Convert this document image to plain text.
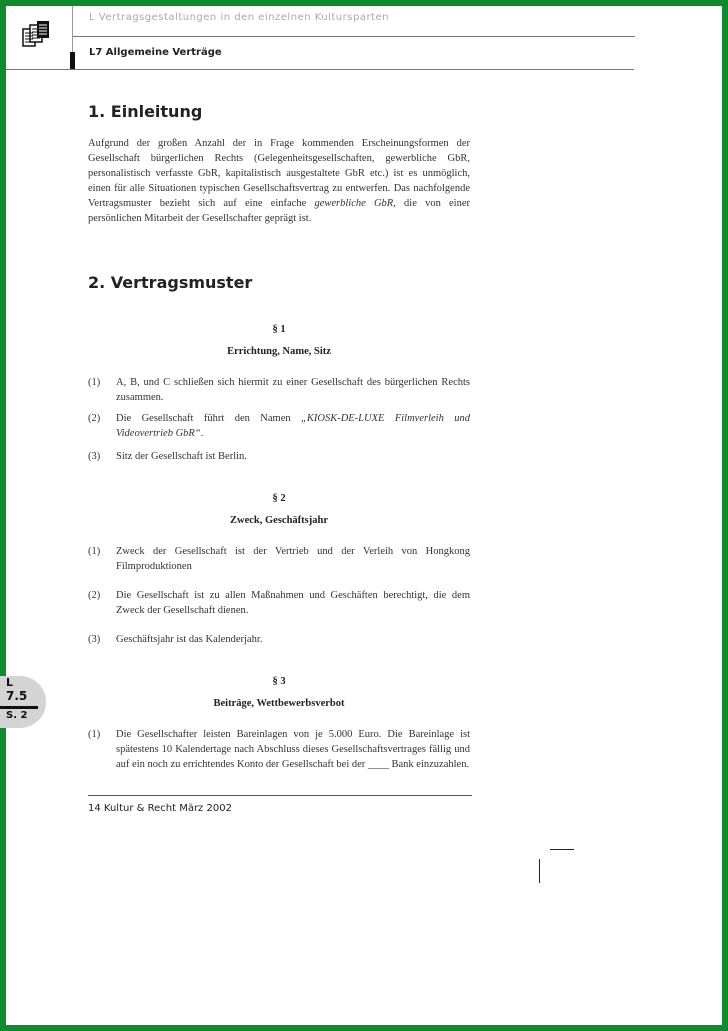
L Vertragsgestaltungen in den einzelnen Kultursparten
L7 Allgemeine Verträge
1. Einleitung

Aufgrund der großen Anzahl der in Frage kommenden Erscheinungsformen der Gesellschaft bürgerlichen Rechts (Gelegenheitsgesellschaften, gewerbliche GbR, personalistisch verfasste GbR, kapitalistisch ausgestaltete GbR etc.) ist es unmöglich, einen für alle Situationen typischen Gesellschaftsvertrag zu entwerfen. Das nachfolgende Vertragsmuster bezieht sich auf eine einfache gewerbliche GbR, die von einer persönlichen Mitarbeit der Gesellschafter geprägt ist.

2. Vertragsmuster
§ 1
Errichtung, Name, Sitz
(1) A, B, und C schließen sich hiermit zu einer Gesellschaft des bürgerlichen Rechts zusammen.
(2) Die Gesellschaft führt den Namen „KIOSK-DE-LUXE Filmverleih und Videovertrieb GbR“.
(3) Sitz der Gesellschaft ist Berlin.
§ 2
Zweck, Geschäftsjahr
(1) Zweck der Gesellschaft ist der Vertrieb und der Verleih von Hongkong Filmproduktionen
(2) Die Gesellschaft ist zu allen Maßnahmen und Geschäften berechtigt, die dem Zweck der Gesellschaft dienen.
(3) Geschäftsjahr ist das Kalenderjahr.
§ 3
Beiträge, Wettbewerbsverbot
(1) Die Gesellschafter leisten Bareinlagen von je 5.000 Euro. Die Bareinlage ist spätestens 10 Kalendertage nach Abschluss dieses Gesellschaftsvertrages fällig und auf ein noch zu errichtendes Konto der Gesellschaft bei der ____ Bank einzuzahlen.
L
7.5
S. 2
14 Kultur & Recht März 2002
